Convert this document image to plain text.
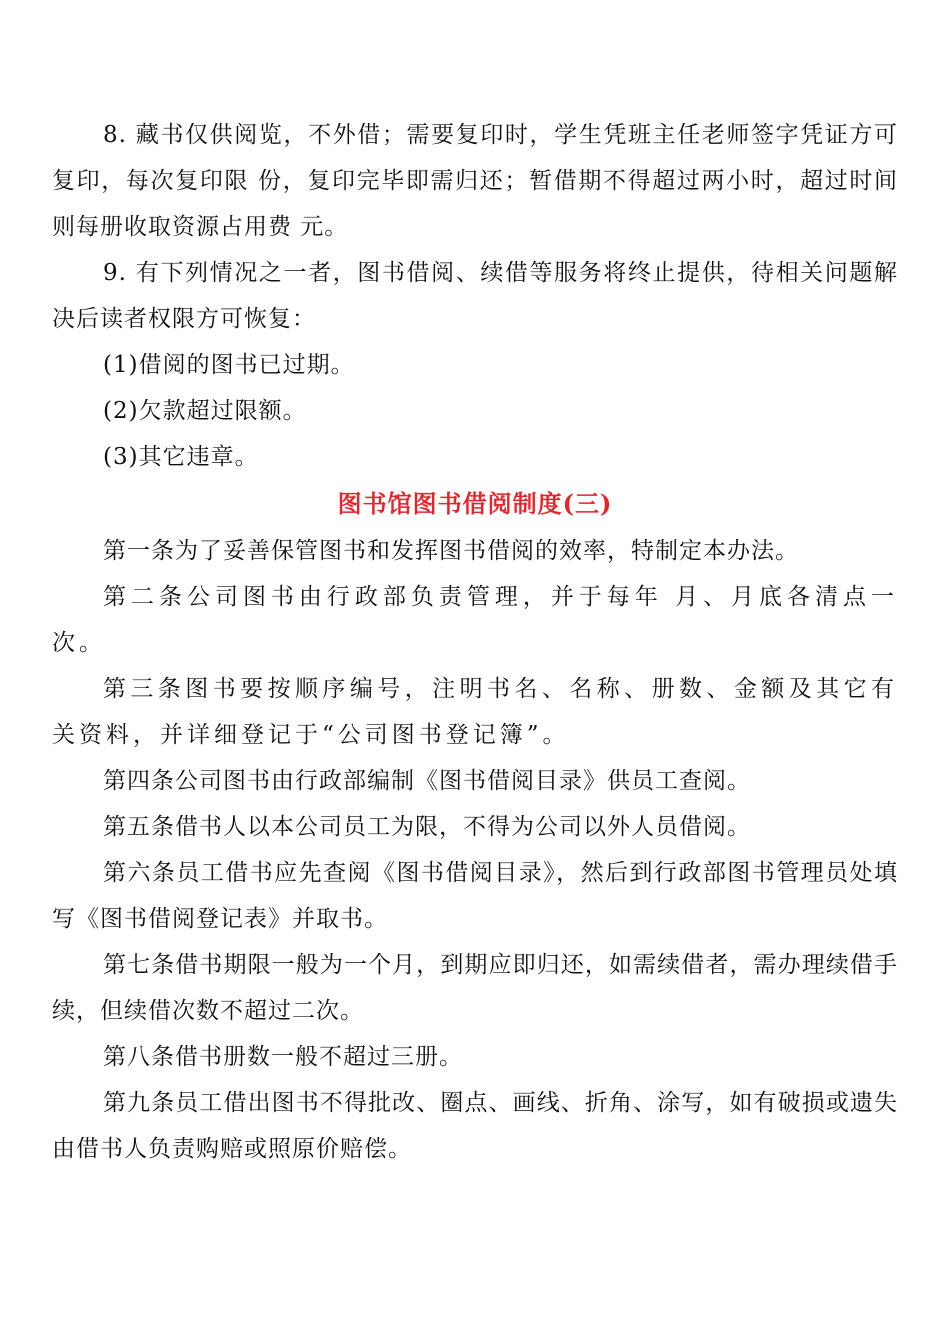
8. 藏书仅供阅览，不外借；需要复印时，学生凭班主任老师签字凭证方可复印，每次复印限 份，复印完毕即需归还；暂借期不得超过两小时，超过时间则每册收取资源占用费 元。

9. 有下列情况之一者，图书借阅、续借等服务将终止提供，待相关问题解决后读者权限方可恢复：

(1)借阅的图书已过期。

(2)欠款超过限额。

(3)其它违章。

图书馆图书借阅制度(三)

第一条为了妥善保管图书和发挥图书借阅的效率，特制定本办法。

第二条公司图书由行政部负责管理，并于每年 月、月底各清点一次。

第三条图书要按顺序编号，注明书名、名称、册数、金额及其它有关资料，并详细登记于“公司图书登记簿”。

第四条公司图书由行政部编制《图书借阅目录》供员工查阅。

第五条借书人以本公司员工为限，不得为公司以外人员借阅。

第六条员工借书应先查阅《图书借阅目录》，然后到行政部图书管理员处填写《图书借阅登记表》并取书。

第七条借书期限一般为一个月，到期应即归还，如需续借者，需办理续借手续，但续借次数不超过二次。

第八条借书册数一般不超过三册。

第九条员工借出图书不得批改、圈点、画线、折角、涂写，如有破损或遗失由借书人负责购赔或照原价赔偿。
